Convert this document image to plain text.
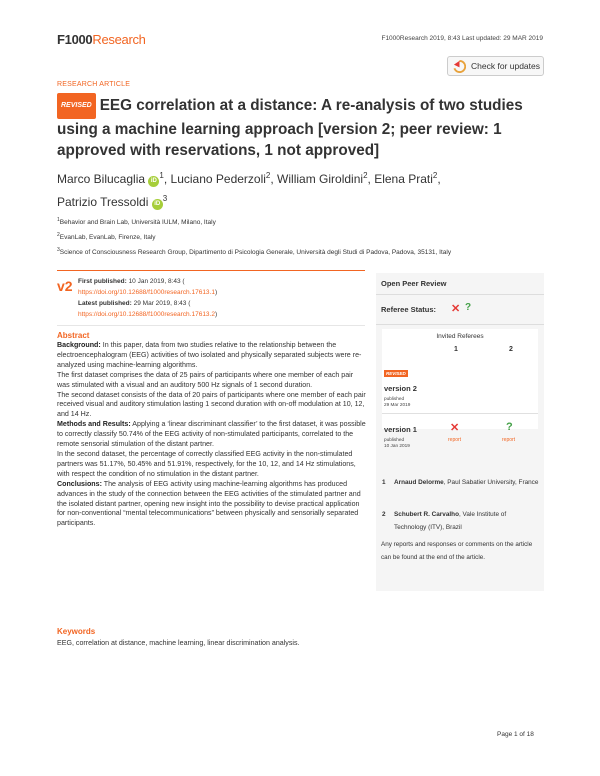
F1000Research	F1000Research 2019, 8:43 Last updated: 29 MAR 2019
Check for updates
RESEARCH ARTICLE
REVISED EEG correlation at a distance: A re-analysis of two studies using a machine learning approach [version 2; peer review: 1 approved with reservations, 1 not approved]
Marco Bilucaglia $iD^1$, Luciano Pederzoli$^2$, William Giroldini$^2$, Elena Prati$^2$,
Patrizio Tressoldi $iD^3$
$^1$Behavior and Brain Lab, Università IULM, Milano, Italy
$^2$EvanLab, EvanLab, Firenze, Italy
$^3$Science of Consciousness Research Group, Dipartimento di Psicologia Generale, Università degli Studi di Padova, Padova, 35131, Italy
v2 First published: 10 Jan 2019, 8:43 (
https://doi.org/10.12688/f1000research.17613.1)
Latest published: 29 Mar 2019, 8:43 (
https://doi.org/10.12688/f1000research.17613.2)
Abstract

Background: In this paper, data from two studies relative to the relationship between the electroencephalogram (EEG) activities of two isolated and physically separated subjects were re-analyzed using machine-learning algorithms.

The first dataset comprises the data of 25 pairs of participants where one member of each pair was stimulated with a visual and an auditory 500 Hz signals of 1 second duration.

The second dataset consists of the data of 20 pairs of participants where one member of each pair received visual and auditory stimulation lasting 1 second duration with on-off modulation at 10, 12, and 14 Hz.

Methods and Results: Applying a ‘linear discriminant classifier’ to the first dataset, it was possible to correctly classify 50.74% of the EEG activity of non-stimulated participants, correlated to the remote sensorial stimulation of the distant partner.

In the second dataset, the percentage of correctly classified EEG activity in the non-stimulated partners was 51.17%, 50.45% and 51.91%, respectively, for the 10, 12, and 14 Hz stimulations, with respect the condition of no stimulation in the distant partner.

Conclusions: The analysis of EEG activity using machine-learning algorithms has produced advances in the study of the connection between the EEG activities of the stimulated partner and the isolated distant partner, opening new insight into the possibility to devise practical application for non-conventional “mental telecommunications” between physically and sensorially separated participants.

Keywords
EEG, correlation at distance, machine learning, linear discrimination analysis.
Open Peer Review
Referee Status: ✕ ?
Invited Referees
1	2
REVISED
version 2
published
29 Mar 2019
version 1
published
10 Jan 2019
✕
report
?
report
1 Arnaud Delorme, Paul Sabatier University, France
2 Schubert R. Carvalho, Vale Institute of Technology (ITV), Brazil
Any reports and responses or comments on the article can be found at the end of the article.
Page 1 of 18
